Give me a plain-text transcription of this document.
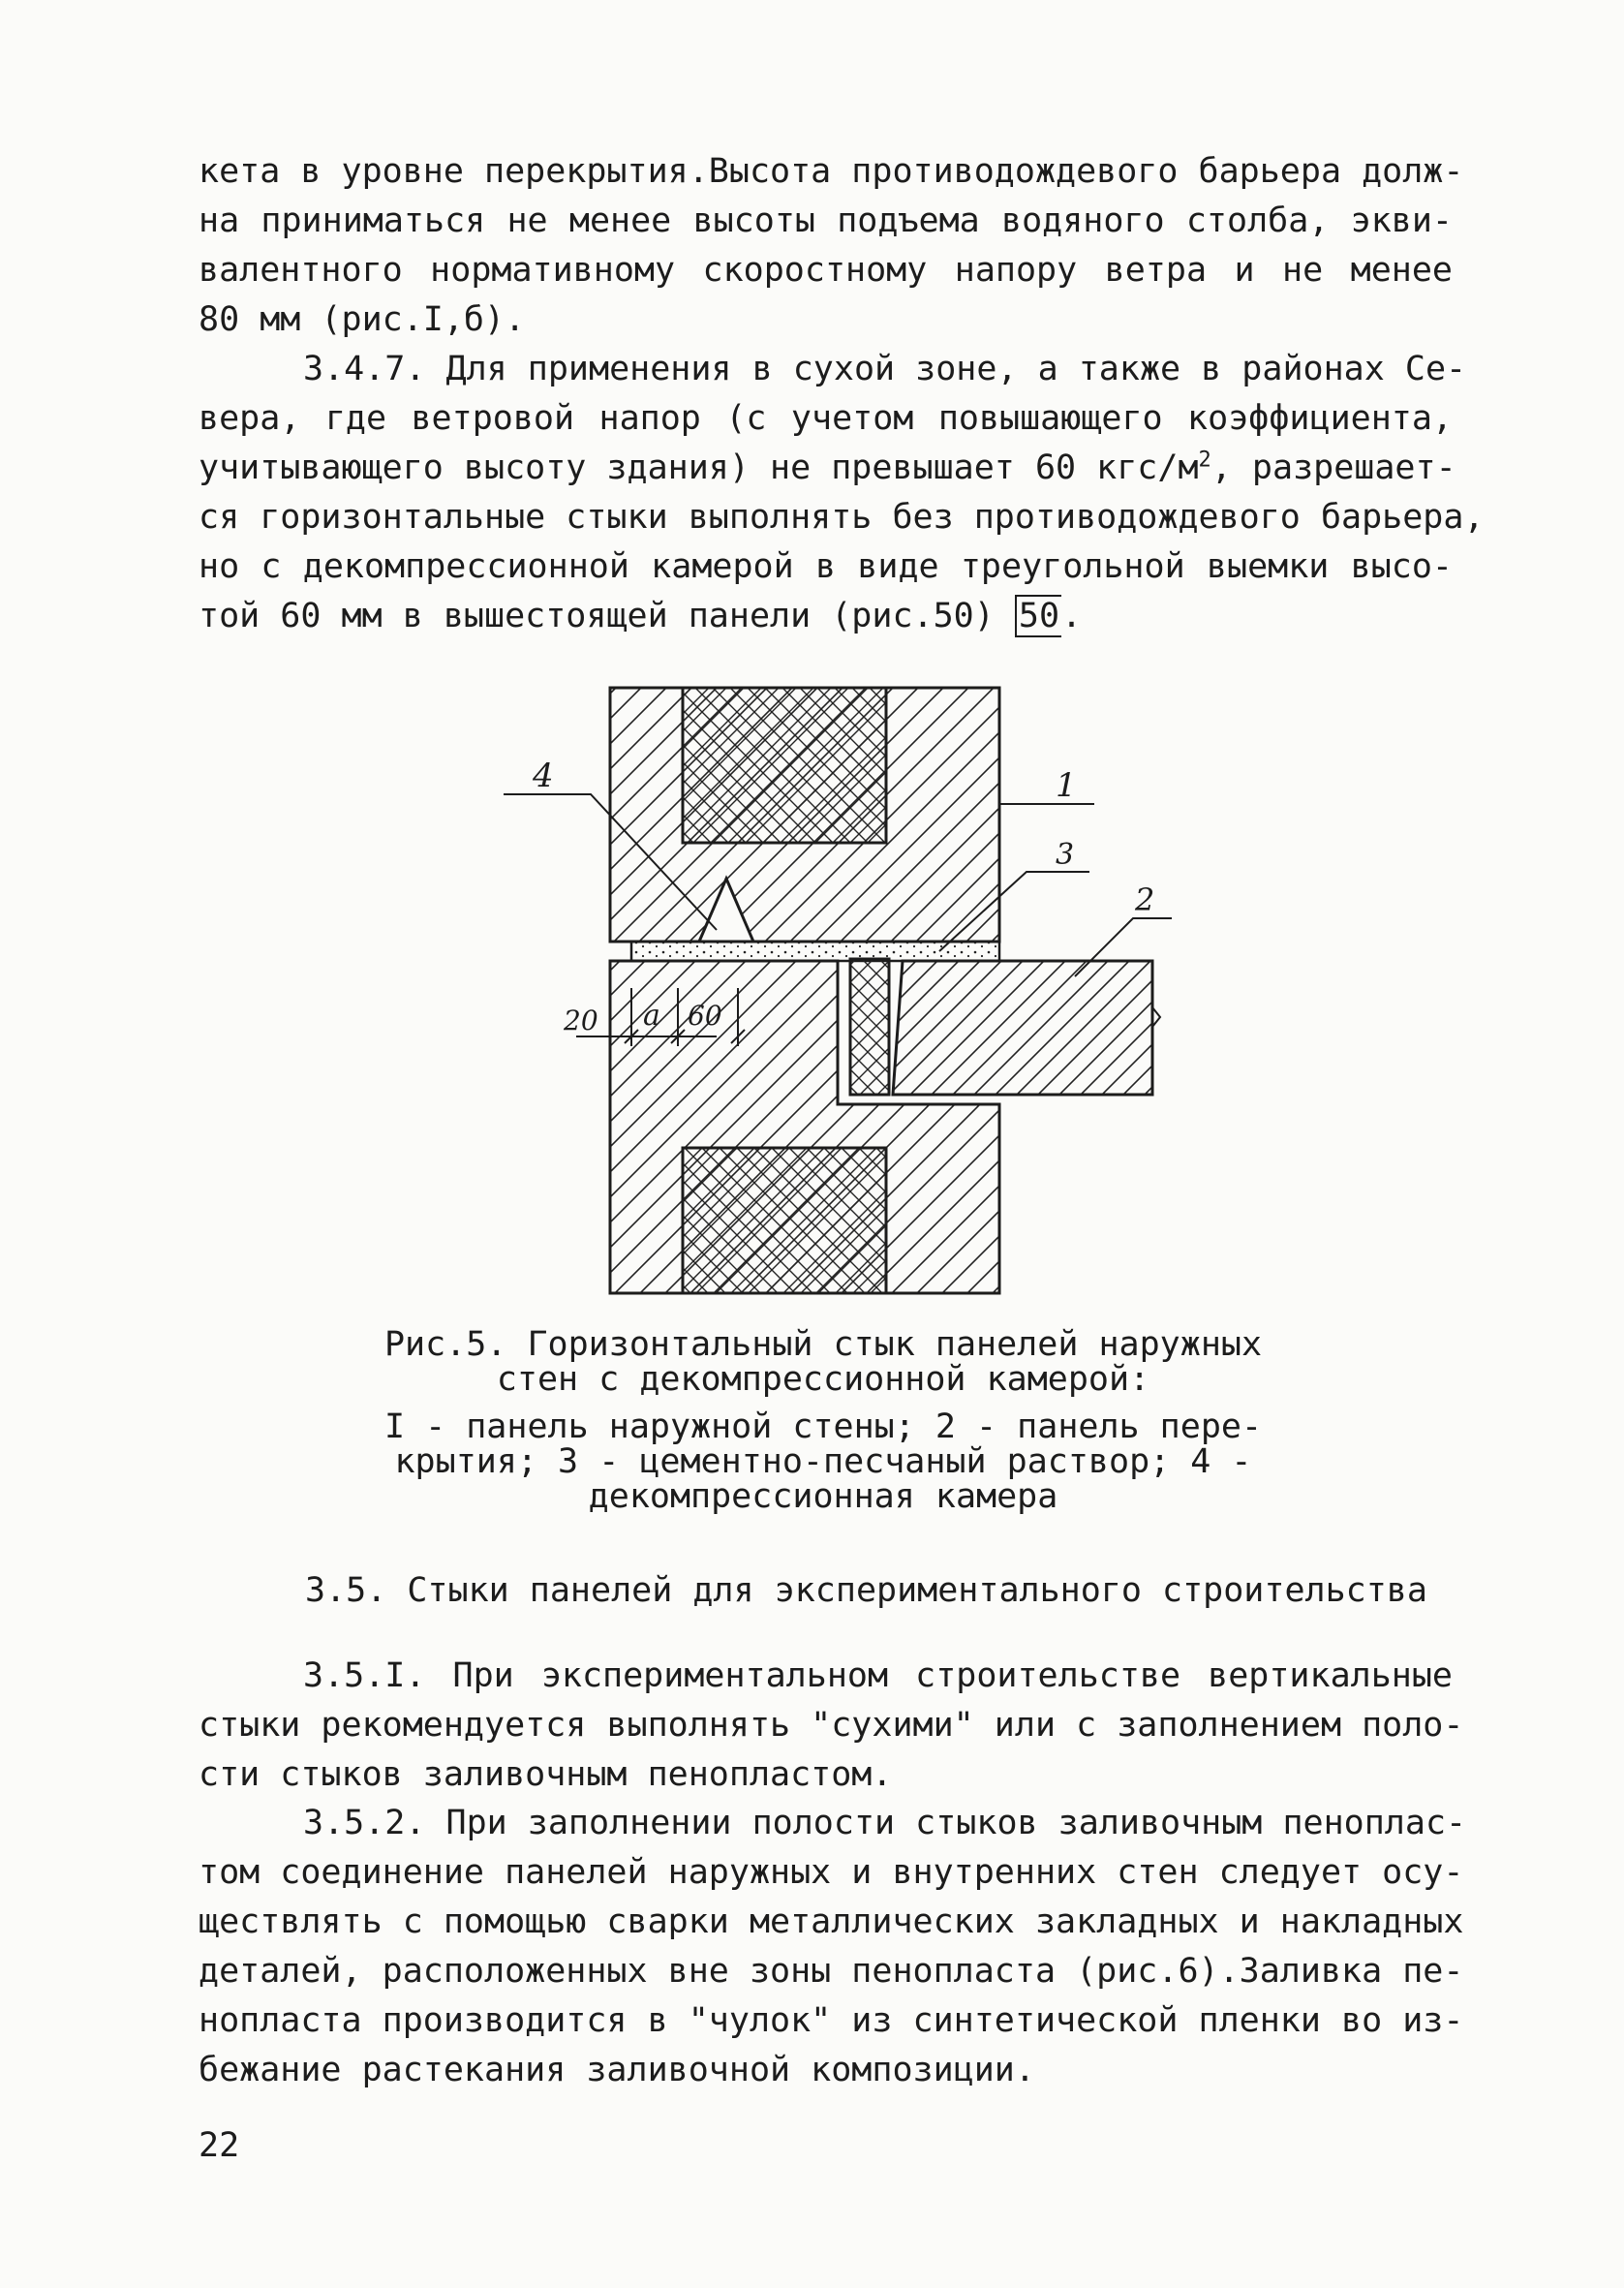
кета в уровне перекрытия.Высота противодождевого барьера долж-
на приниматься не менее высоты подъема водяного столба, экви-
валентного нормативному скоростному напору ветра и не менее
80 мм (рис.I,б).

3.4.7. Для применения в сухой зоне, а также в районах Се-
вера, где ветровой напор (с учетом повышающего коэффициента,
учитывающего высоту здания) не превышает 60 кгс/$м^2$, разрешает-
ся горизонтальные стыки выполнять без противодождевого барьера,
но с декомпрессионной камерой в виде треугольной выемки высо-
той 60 мм в вышестоящей панели (рис.50) 50.

4	1
3
2
20 a 60

Рис.5. Горизонтальный стык панелей наружных
стен с декомпрессионной камерой:

I - панель наружной стены; 2 - панель пере-
крытия; 3 - цементно-песчаный раствор; 4 -
декомпрессионная камера

3.5. Стыки панелей для экспериментального строительства

3.5.I. При экспериментальном строительстве вертикальные
стыки рекомендуется выполнять "сухими" или с заполнением поло-
сти стыков заливочным пенопластом.

3.5.2. При заполнении полости стыков заливочным пеноплас-
том соединение панелей наружных и внутренних стен следует осу-
ществлять с помощью сварки металлических закладных и накладных
деталей, расположенных вне зоны пенопласта (рис.6).Заливка пе-
нопласта производится в "чулок" из синтетической пленки во из-
бежание растекания заливочной композиции.

22
